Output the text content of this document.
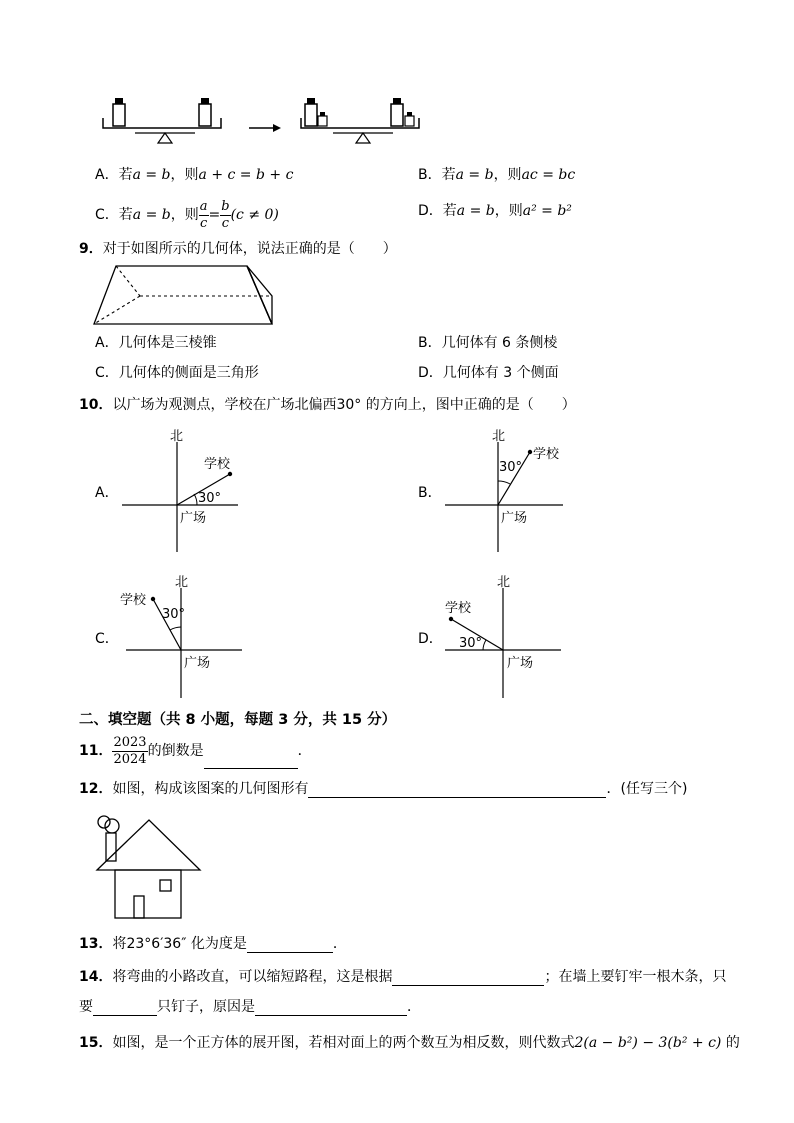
A．若a = b，则a + c = b + c	B．若a = b，则ac = bc
C．若a = b，则 $\frac{a}{c} = \frac{b}{c} (c \ne 0)$	D．若a = b，则a² = b²
9．对于如图所示的几何体，说法正确的是（　　）
A．几何体是三棱锥	B．几何体有 6 条侧棱
C．几何体的侧面是三角形	D．几何体有 3 个侧面
10．以广场为观测点，学校在广场北偏西30° 的方向上，图中正确的是（　　）
A．
北
学校
30°
广场
B．
北
学校
30°
广场
C．
北
学校
30°
广场
D．
北
学校
30°
广场
二、填空题（共 8 小题，每题 3 分，共 15 分）
11． $\frac{2023}{2024}$ 的倒数是	．
12．如图，构成该图案的几何图形有	．(任写三个)
13．将23°6′36″ 化为度是	．
14．将弯曲的小路改直，可以缩短路程，这是根据	；在墙上要钉牢一根木条，只
要	只钉子，原因是	．
15．如图，是一个正方体的展开图，若相对面上的两个数互为相反数，则代数式2(a − b²) − 3(b² + c) 的
